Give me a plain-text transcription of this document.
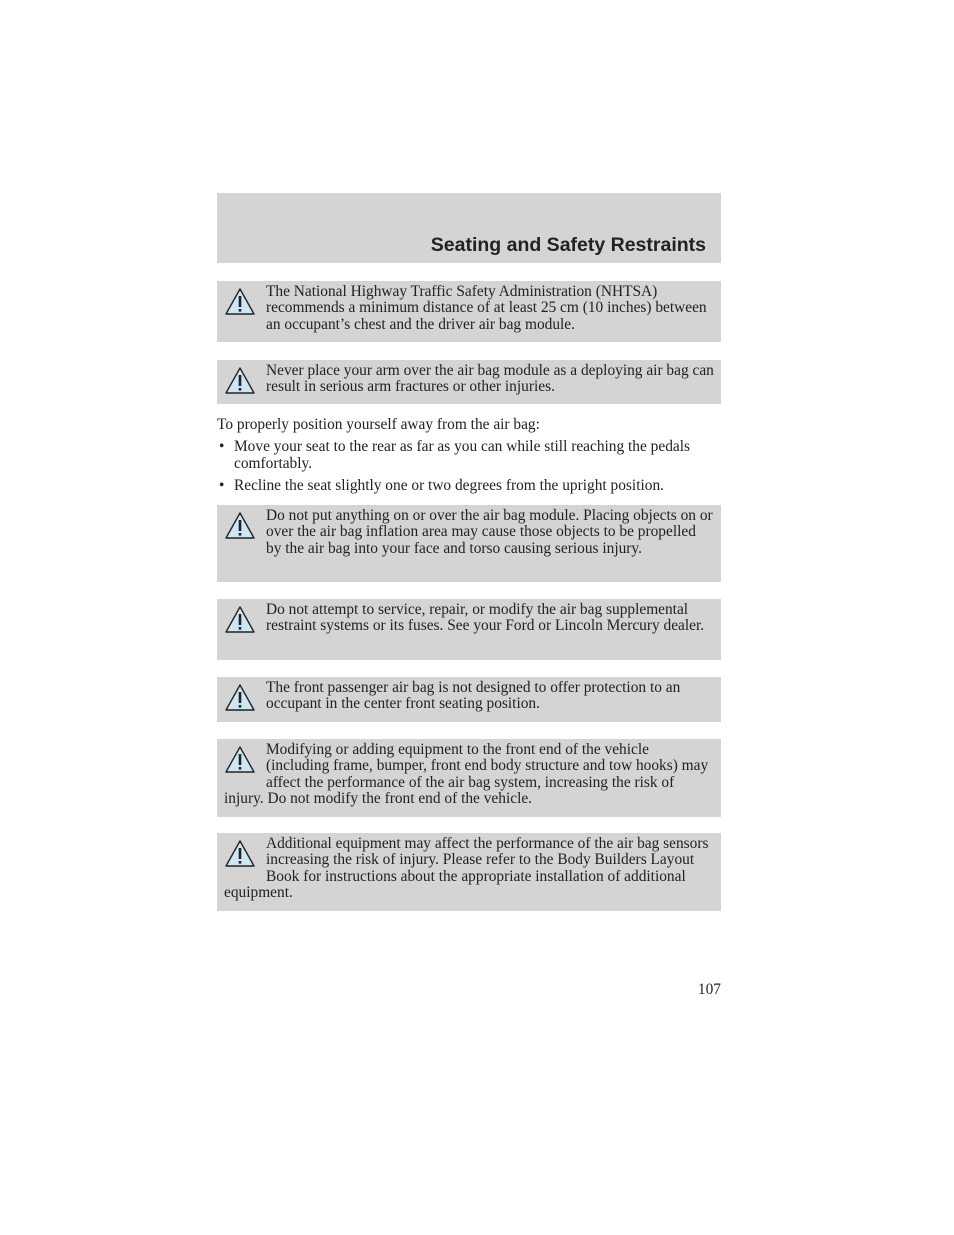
Seating and Safety Restraints
The National Highway Traffic Safety Administration (NHTSA) recommends a minimum distance of at least 25 cm (10 inches) between an occupant’s chest and the driver air bag module.
Never place your arm over the air bag module as a deploying air bag can result in serious arm fractures or other injuries.
To properly position yourself away from the air bag:
• Move your seat to the rear as far as you can while still reaching the pedals comfortably.
• Recline the seat slightly one or two degrees from the upright position.
Do not put anything on or over the air bag module. Placing objects on or over the air bag inflation area may cause those objects to be propelled by the air bag into your face and torso causing serious injury.
Do not attempt to service, repair, or modify the air bag supplemental restraint systems or its fuses. See your Ford or Lincoln Mercury dealer.
The front passenger air bag is not designed to offer protection to an occupant in the center front seating position.
Modifying or adding equipment to the front end of the vehicle (including frame, bumper, front end body structure and tow hooks) may affect the performance of the air bag system, increasing the risk of injury. Do not modify the front end of the vehicle.
Additional equipment may affect the performance of the air bag sensors increasing the risk of injury. Please refer to the Body Builders Layout Book for instructions about the appropriate installation of additional equipment.
107
